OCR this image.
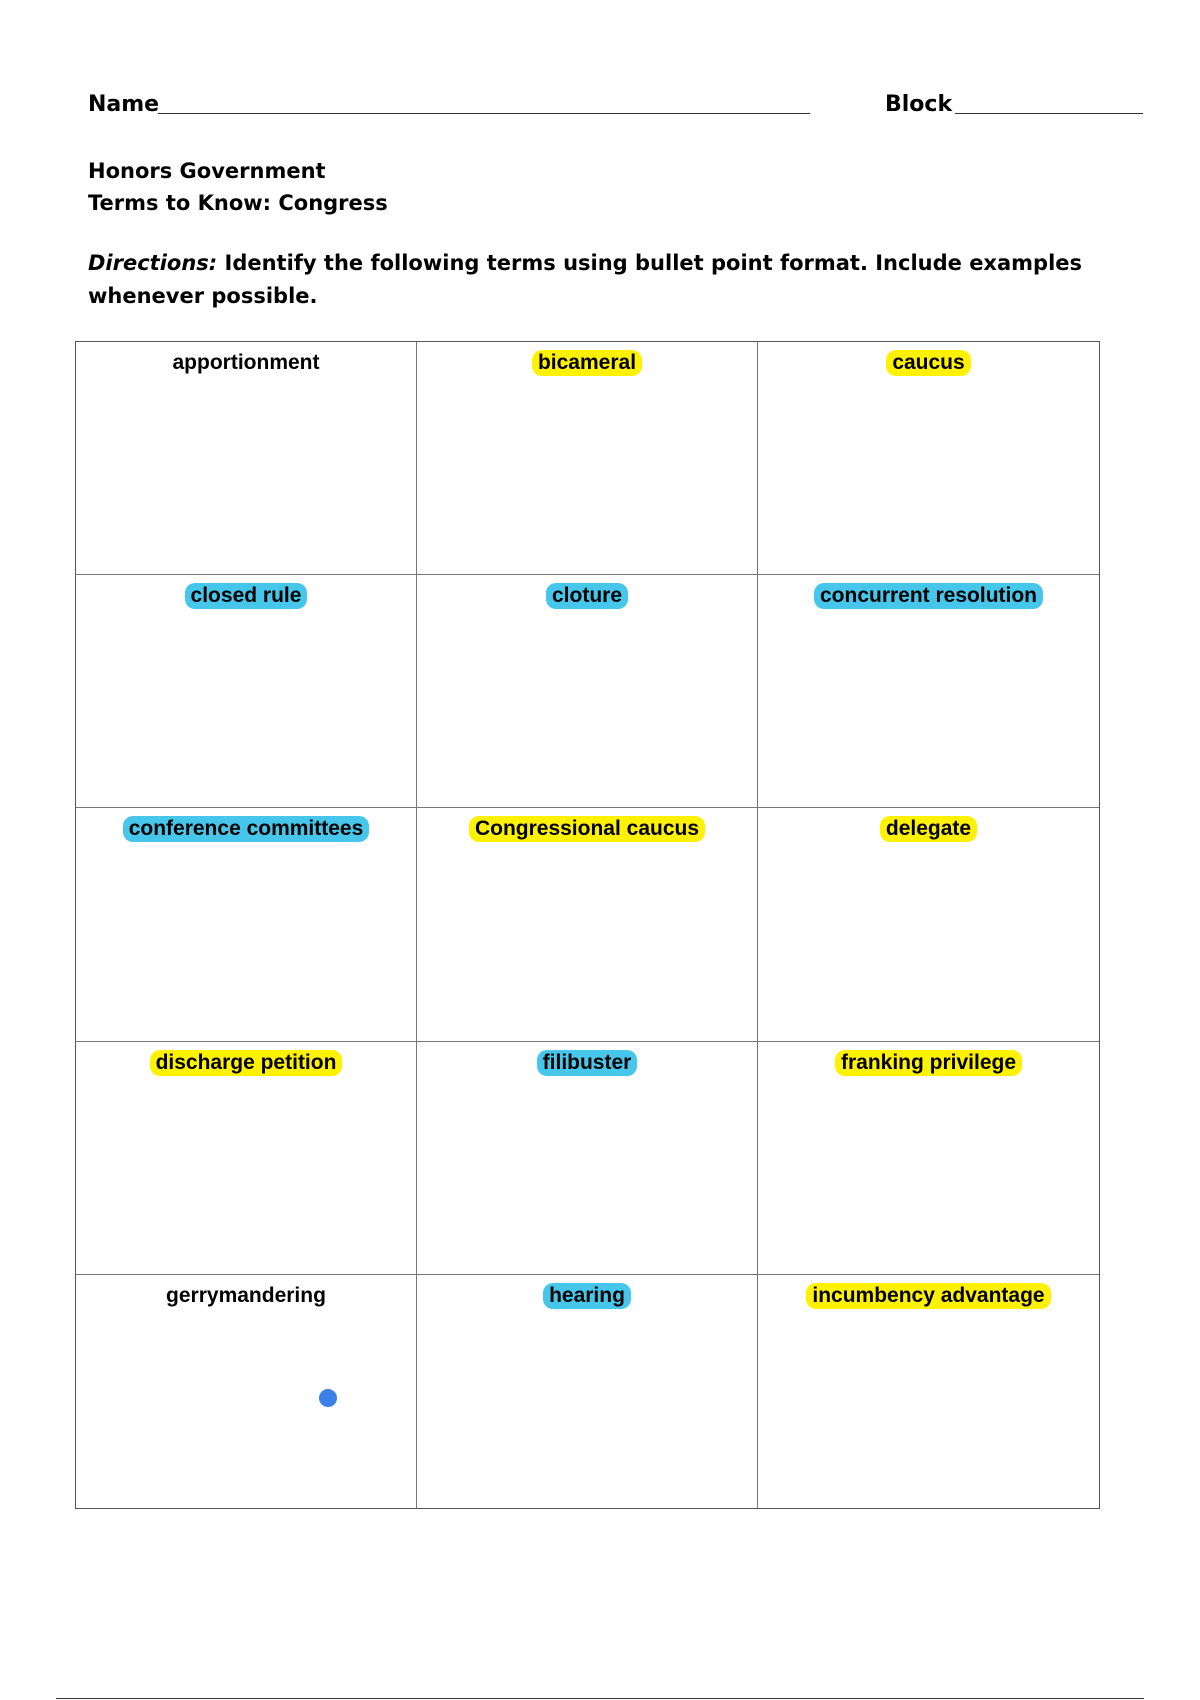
Name	Block
Honors Government
Terms to Know: Congress
Directions: Identify the following terms using bullet point format. Include examples whenever possible.
apportionment	bicameral	caucus
closed rule	cloture	concurrent resolution
conference committees	Congressional caucus	delegate
discharge petition	filibuster	franking privilege
gerrymandering	hearing	incumbency advantage
